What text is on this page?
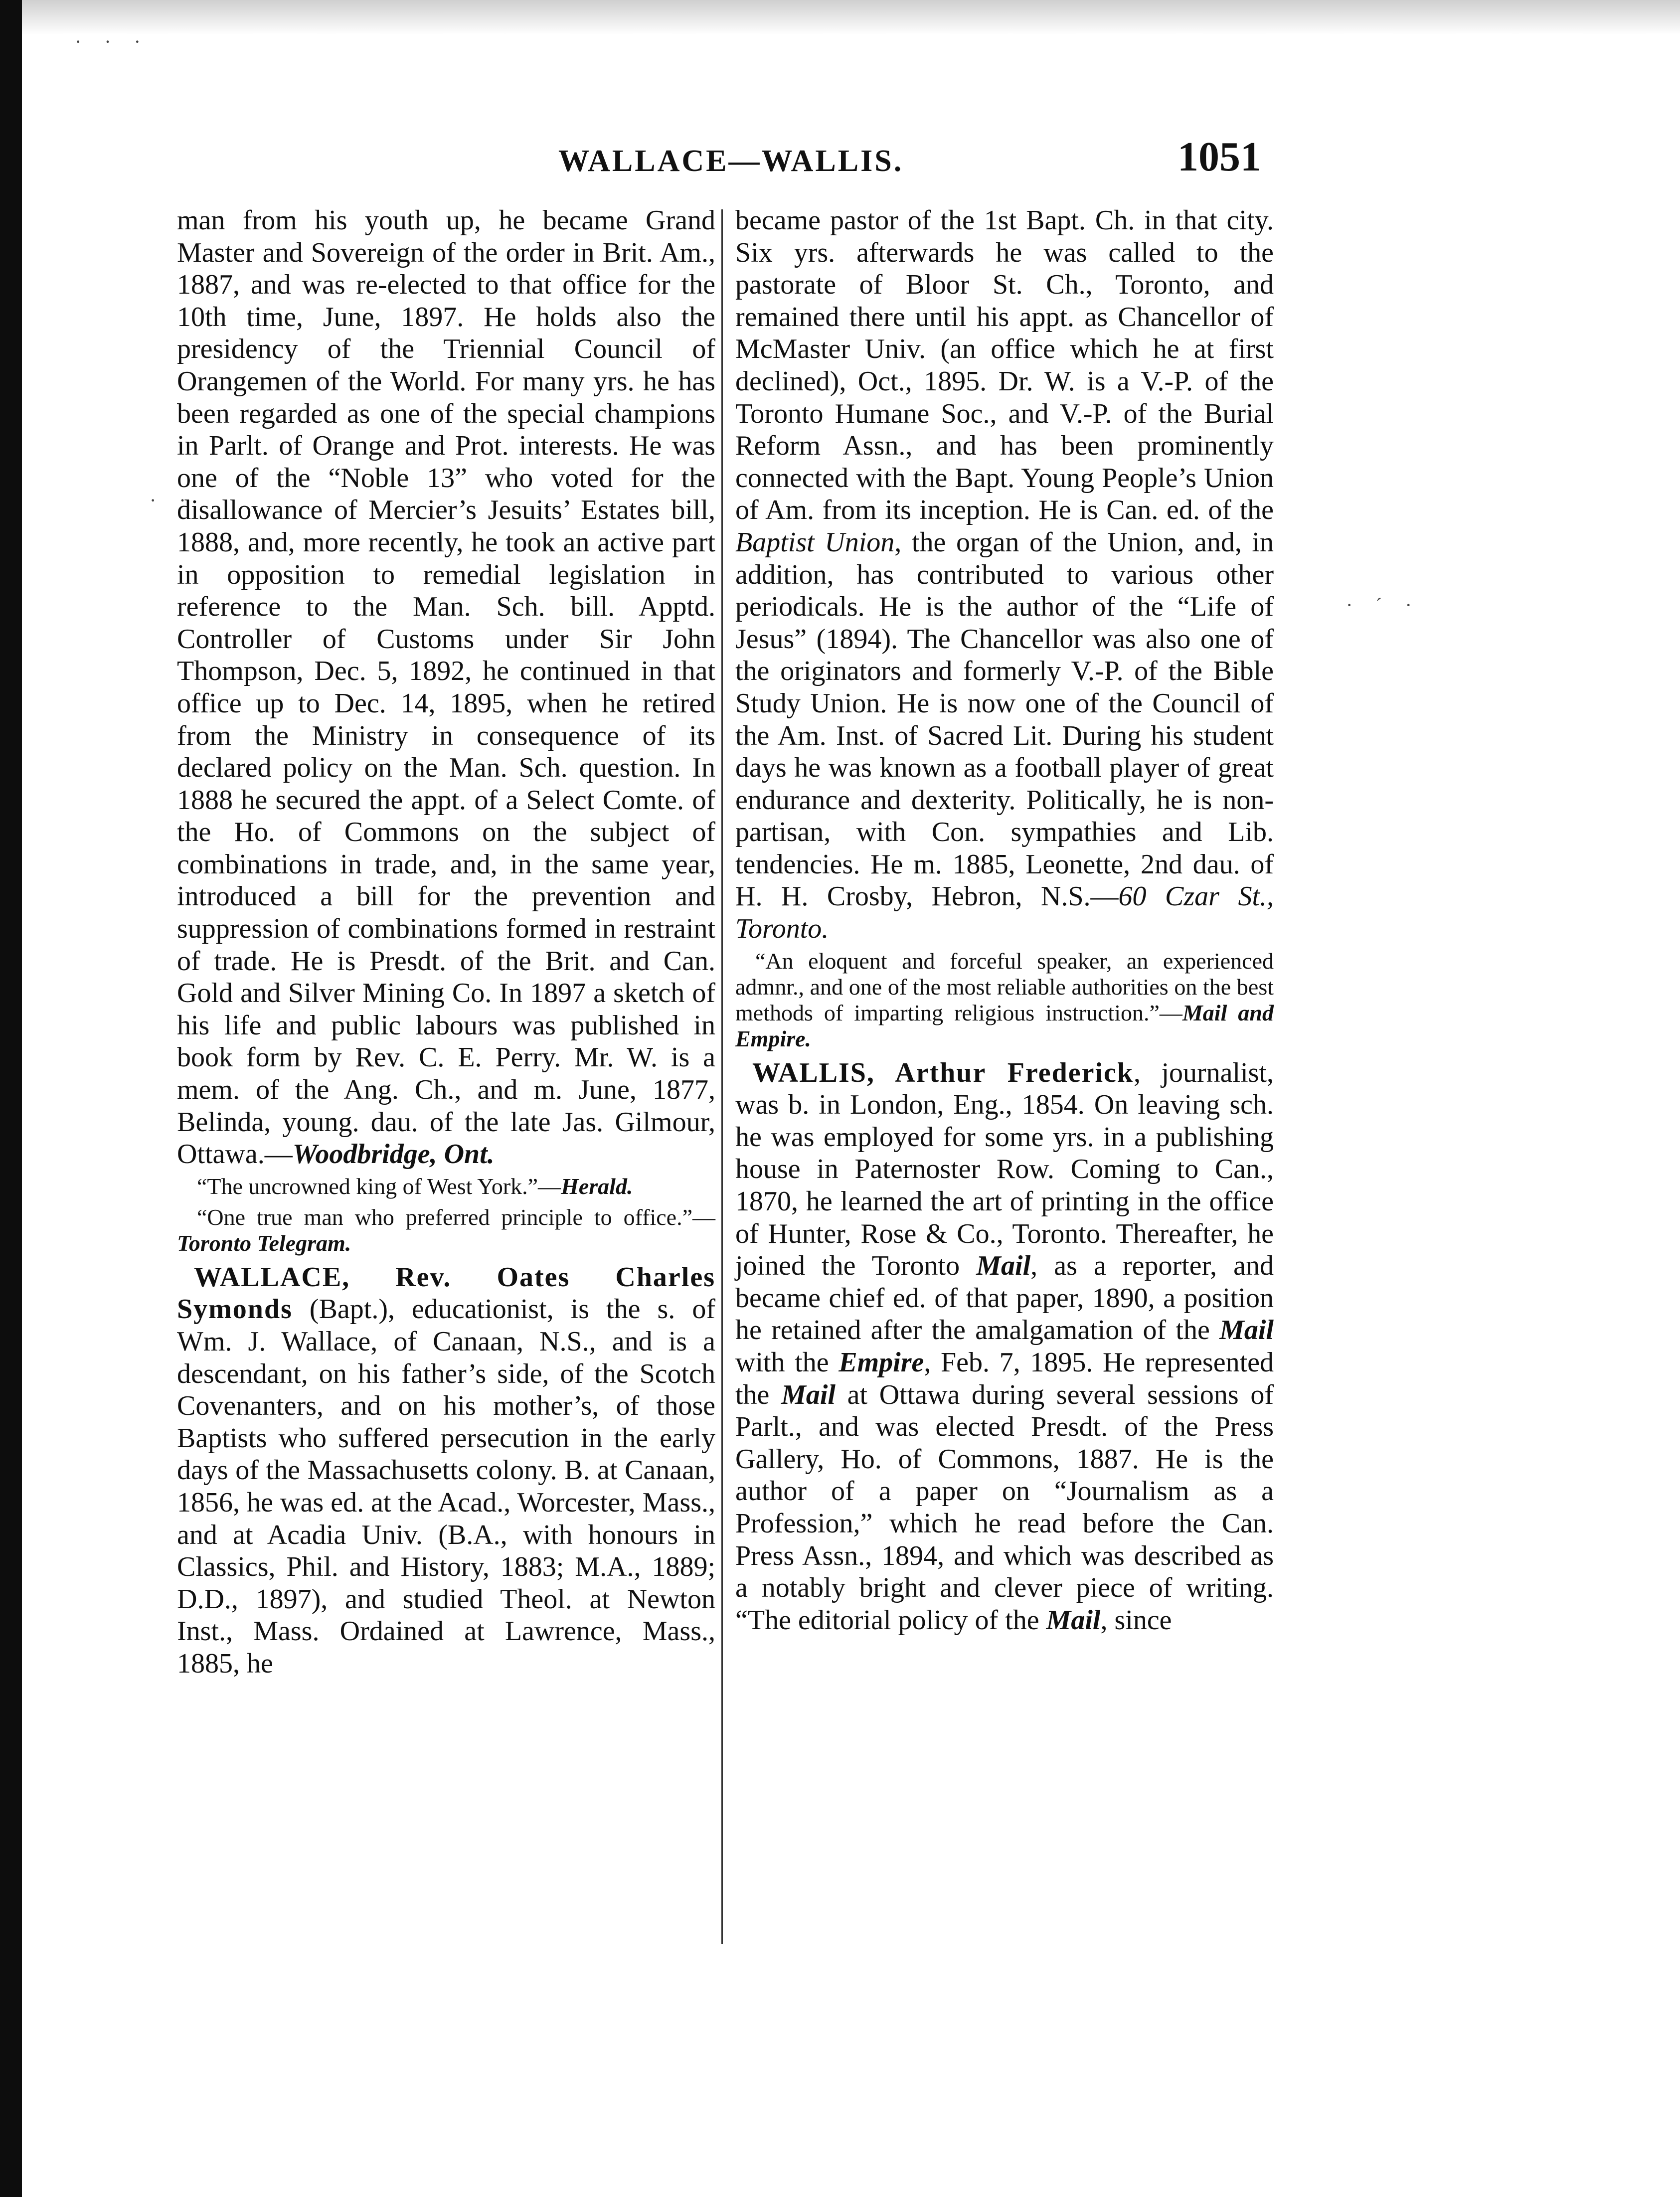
· · ·
· ´ ·
· ·
WALLACE—WALLIS.	1051

man from his youth up, he became Grand Master and Sovereign of the order in Brit. Am., 1887, and was re-elected to that office for the 10th time, June, 1897. He holds also the presidency of the Triennial Council of Orangemen of the World. For many yrs. he has been regarded as one of the special champions in Parlt. of Orange and Prot. interests. He was one of the “Noble 13” who voted for the disallowance of Mercier’s Jesuits’ Estates bill, 1888, and, more recently, he took an active part in opposition to remedial legislation in reference to the Man. Sch. bill. Apptd. Controller of Customs under Sir John Thompson, Dec. 5, 1892, he continued in that office up to Dec. 14, 1895, when he retired from the Ministry in consequence of its declared policy on the Man. Sch. question. In 1888 he secured the appt. of a Select Comte. of the Ho. of Commons on the subject of combinations in trade, and, in the same year, introduced a bill for the prevention and suppression of combinations formed in restraint of trade. He is Presdt. of the Brit. and Can. Gold and Silver Mining Co. In 1897 a sketch of his life and public labours was published in book form by Rev. C. E. Perry. Mr. W. is a mem. of the Ang. Ch., and m. June, 1877, Belinda, young. dau. of the late Jas. Gilmour, Ottawa.—Woodbridge, Ont.

“The uncrowned king of West York.”—Herald.

“One true man who preferred principle to office.”—Toronto Telegram.

WALLACE, Rev. Oates Charles Symonds (Bapt.), educationist, is the s. of Wm. J. Wallace, of Canaan, N.S., and is a descendant, on his father’s side, of the Scotch Covenanters, and on his mother’s, of those Baptists who suffered persecution in the early days of the Massachusetts colony. B. at Canaan, 1856, he was ed. at the Acad., Worcester, Mass., and at Acadia Univ. (B.A., with honours in Classics, Phil. and History, 1883; M.A., 1889; D.D., 1897), and studied Theol. at Newton Inst., Mass. Ordained at Lawrence, Mass., 1885, he

became pastor of the 1st Bapt. Ch. in that city. Six yrs. afterwards he was called to the pastorate of Bloor St. Ch., Toronto, and remained there until his appt. as Chancellor of McMaster Univ. (an office which he at first declined), Oct., 1895. Dr. W. is a V.-P. of the Toronto Humane Soc., and V.-P. of the Burial Reform Assn., and has been prominently connected with the Bapt. Young People’s Union of Am. from its inception. He is Can. ed. of the Baptist Union, the organ of the Union, and, in addition, has contributed to various other periodicals. He is the author of the “Life of Jesus” (1894). The Chancellor was also one of the originators and formerly V.-P. of the Bible Study Union. He is now one of the Council of the Am. Inst. of Sacred Lit. During his student days he was known as a football player of great endurance and dexterity. Politically, he is non-partisan, with Con. sympathies and Lib. tendencies. He m. 1885, Leonette, 2nd dau. of H. H. Crosby, Hebron, N.S.—60 Czar St., Toronto.

“An eloquent and forceful speaker, an experienced admnr., and one of the most reliable authorities on the best methods of imparting religious instruction.”—Mail and Empire.

WALLIS, Arthur Frederick, journalist, was b. in London, Eng., 1854. On leaving sch. he was employed for some yrs. in a publishing house in Paternoster Row. Coming to Can., 1870, he learned the art of printing in the office of Hunter, Rose & Co., Toronto. Thereafter, he joined the Toronto Mail, as a reporter, and became chief ed. of that paper, 1890, a position he retained after the amalgamation of the Mail with the Empire, Feb. 7, 1895. He represented the Mail at Ottawa during several sessions of Parlt., and was elected Presdt. of the Press Gallery, Ho. of Commons, 1887. He is the author of a paper on “Journalism as a Profession,” which he read before the Can. Press Assn., 1894, and which was described as a notably bright and clever piece of writing. “The editorial policy of the Mail, since
